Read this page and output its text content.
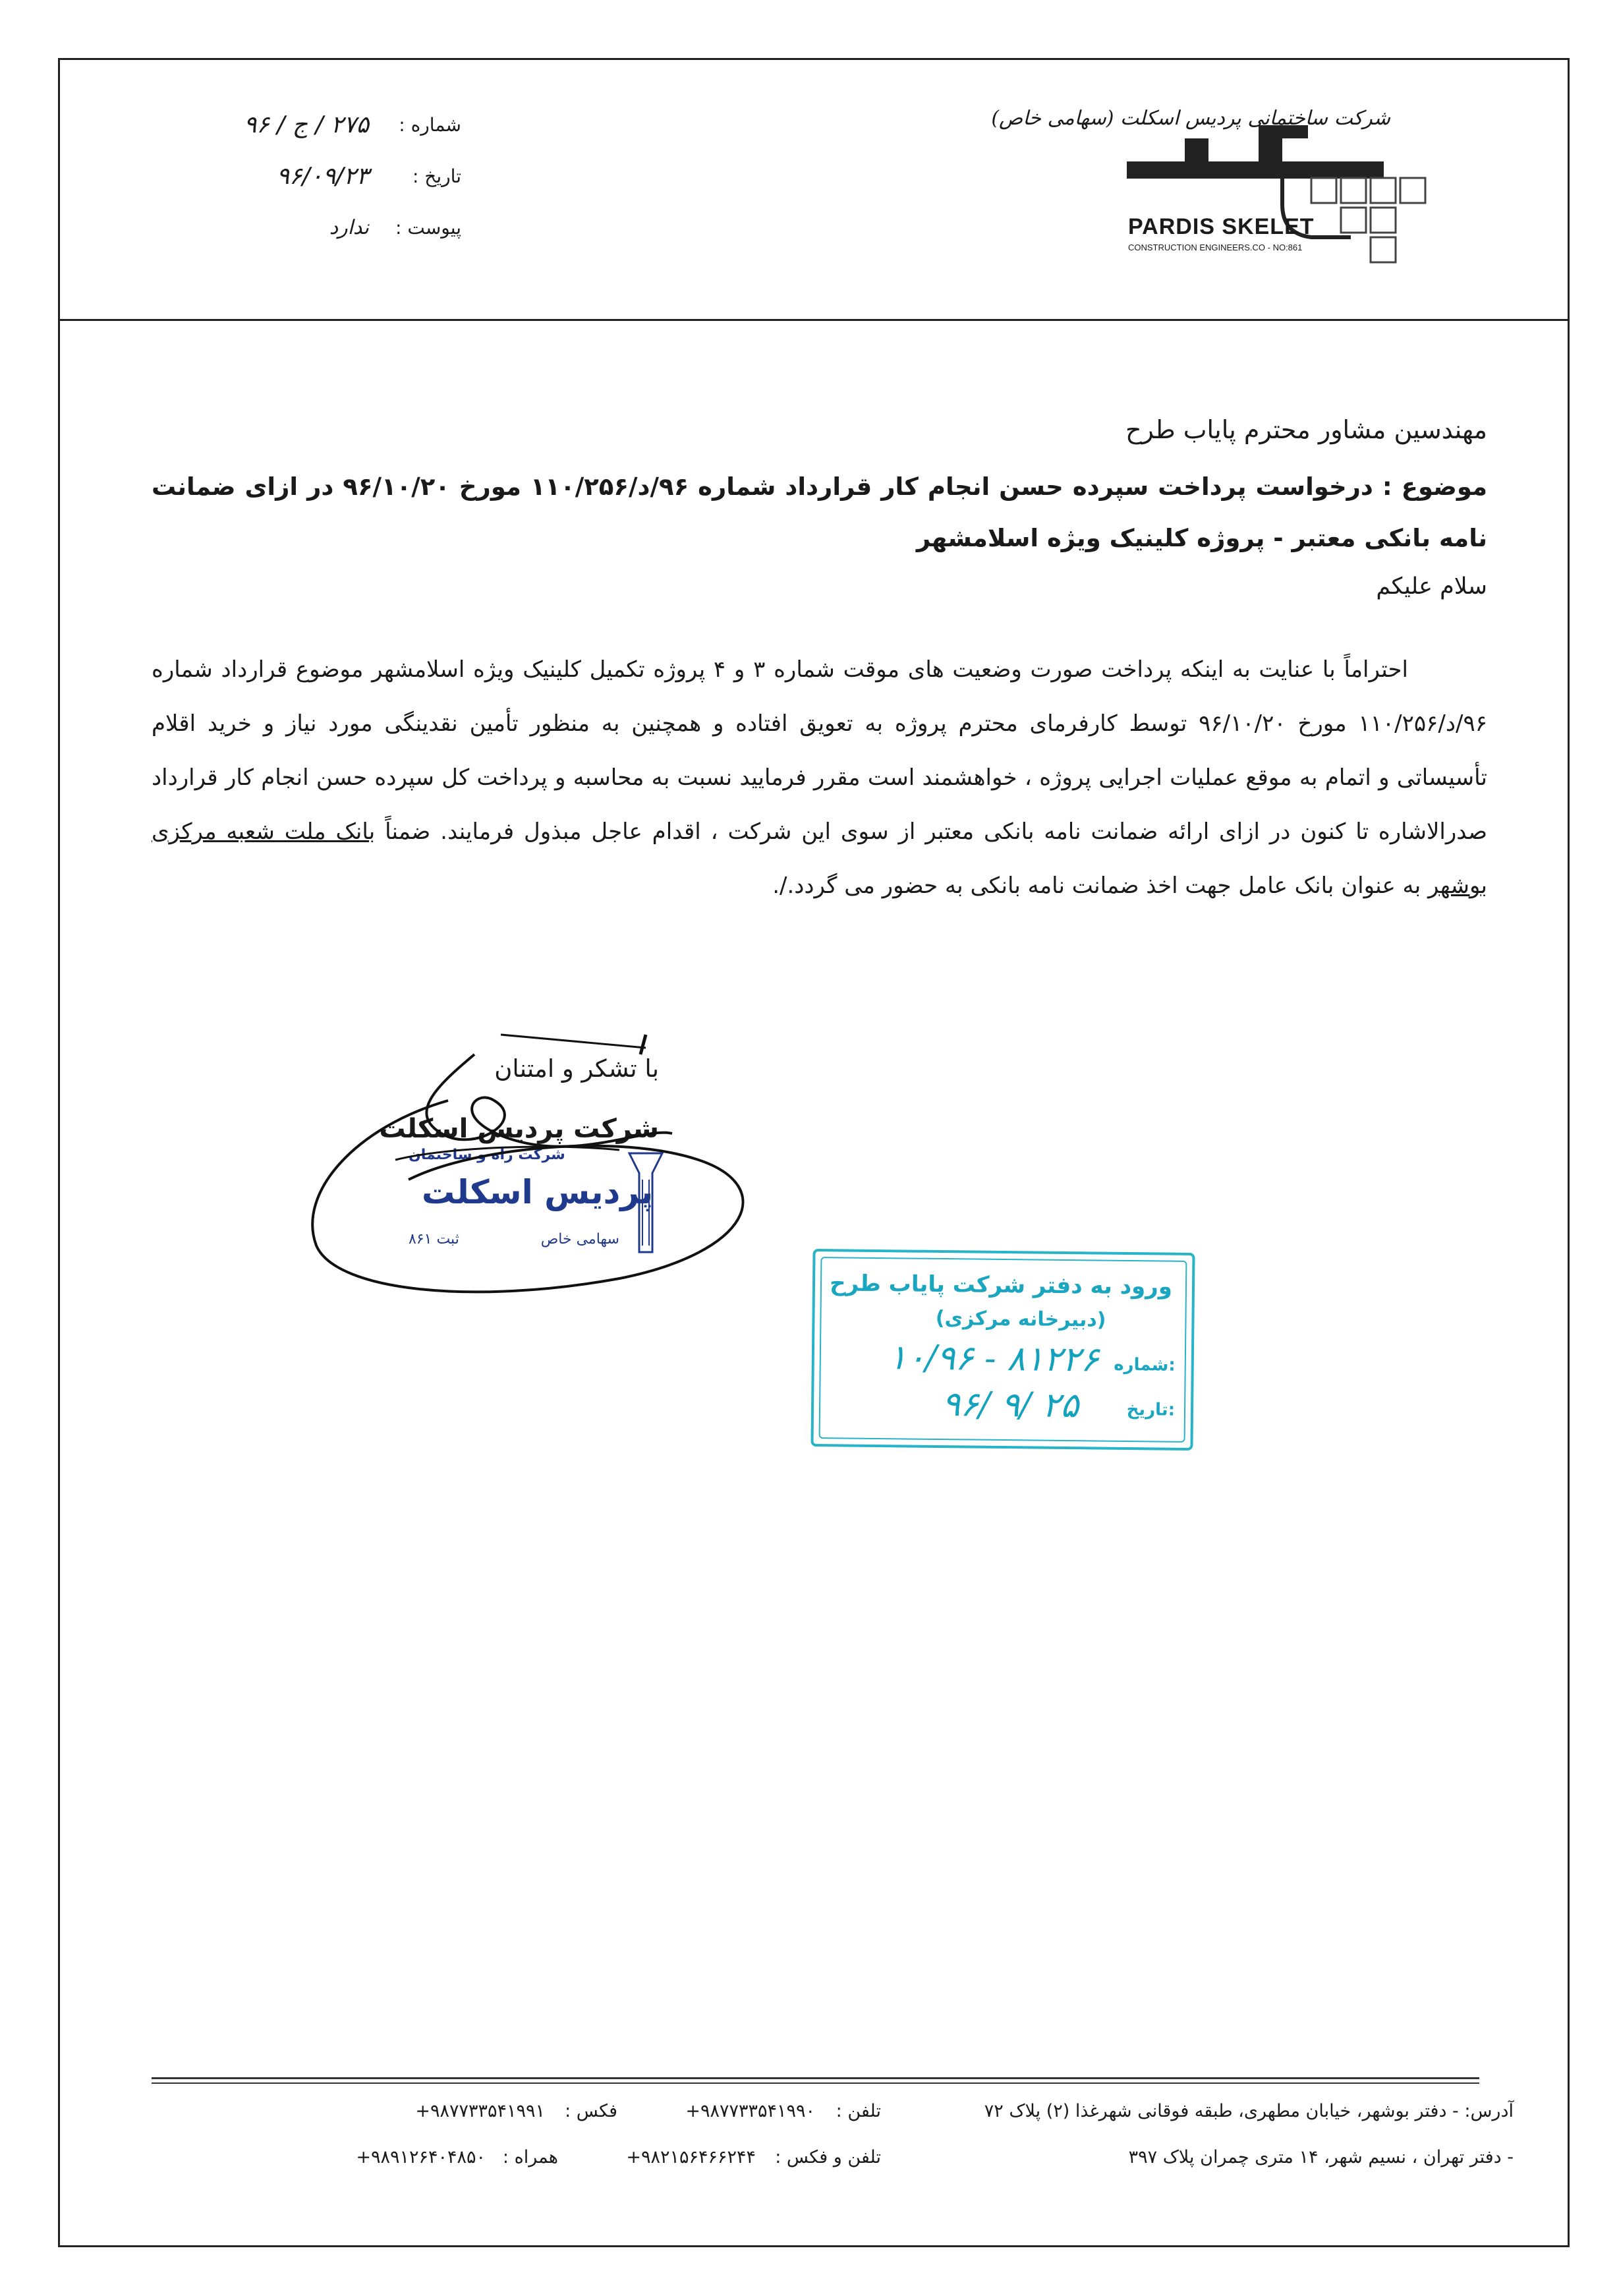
شرکت ساختمانی پردیس اسکلت (سهامی خاص)
PARDIS SKELET
CONSTRUCTION ENGINEERS.CO - NO:861
شماره :
۲۷۵ / ج / ۹۶
تاریخ :
۹۶/۰۹/۲۳
پیوست :
ندارد
مهندسین مشاور محترم پایاب طرح
موضوع : درخواست پرداخت سپرده حسن انجام کار قرارداد شماره ۹۶/د/۱۱۰/۲۵۶ مورخ ۹۶/۱۰/۲۰ در ازای ضمانت نامه بانکی معتبر - پروژه کلینیک ویژه اسلامشهر
سلام علیکم
احتراماً با عنایت به اینکه پرداخت صورت وضعیت های موقت شماره ۳ و ۴ پروژه تکمیل کلینیک ویژه اسلامشهر موضوع قرارداد شماره ۹۶/د/۱۱۰/۲۵۶ مورخ ۹۶/۱۰/۲۰ توسط کارفرمای محترم پروژه به تعویق افتاده و همچنین به منظور تأمین نقدینگی مورد نیاز و خرید اقلام تأسیساتی و اتمام به موقع عملیات اجرایی پروژه ، خواهشمند است مقرر فرمایید نسبت به محاسبه و پرداخت کل سپرده حسن انجام کار قرارداد صدرالاشاره تا کنون در ازای ارائه ضمانت نامه بانکی معتبر از سوی این شرکت ، اقدام عاجل مبذول فرمایند. ضمناً بانک ملت شعبه مرکزی بوشهر به عنوان بانک عامل جهت اخذ ضمانت نامه بانکی به حضور می گردد./.
با تشکر و امتنان
شرکت پردیس اسکلت
شرکت راه و ساختمان
پردیس اسکلت
سهامی خاص
ثبت ۸۶۱
ورود به دفتر شرکت پایاب طرح
(دبیرخانه مرکزی)
شماره:
۱۰/۹۶ - ۸۱۲۲۶
تاریخ:
۹۶/ ۹/ ۲۵
آدرس: - دفتر بوشهر، خیابان مطهری، طبقه فوقانی شهرغذا (۲) پلاک ۷۲
تلفن :
+۹۸۷۷۳۳۵۴۱۹۹۰
فکس :
+۹۸۷۷۳۳۵۴۱۹۹۱
- دفتر تهران ، نسیم شهر، ۱۴ متری چمران پلاک ۳۹۷
تلفن و فکس :
+۹۸۲۱۵۶۴۶۶۲۴۴
همراه :
+۹۸۹۱۲۶۴۰۴۸۵۰
